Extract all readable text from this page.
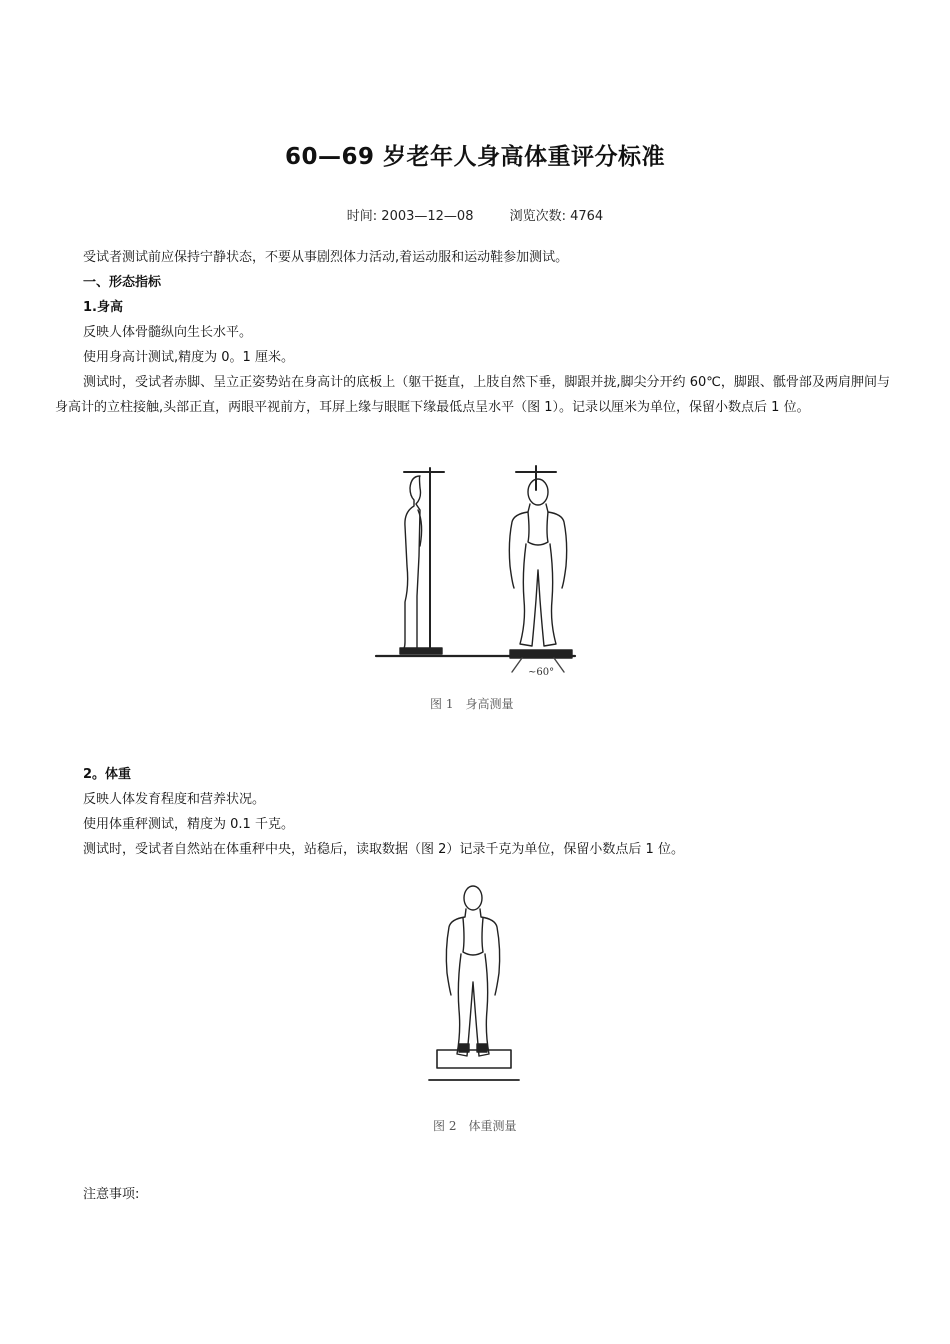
60—69 岁老年人身高体重评分标准
时间: 2003—12—08	浏览次数: 4764
受试者测试前应保持宁静状态，不要从事剧烈体力活动,着运动服和运动鞋参加测试。
一、形态指标
1.身高
反映人体骨髓纵向生长水平。
使用身高计测试,精度为 0。1 厘米。
测试时，受试者赤脚、呈立正姿势站在身高计的底板上（躯干挺直，上肢自然下垂，脚跟并拢,脚尖分开约 60℃，脚跟、骶骨部及两肩胛间与身高计的立柱接触,头部正直，两眼平视前方，耳屏上缘与眼眶下缘最低点呈水平（图 1）。记录以厘米为单位，保留小数点后 1 位。
~60°
图 1　身高测量
2。体重
反映人体发育程度和营养状况。
使用体重秤测试，精度为 0.1 千克。
测试时，受试者自然站在体重秤中央，站稳后，读取数据（图 2）记录千克为单位，保留小数点后 1 位。
图 2　体重测量
注意事项:
